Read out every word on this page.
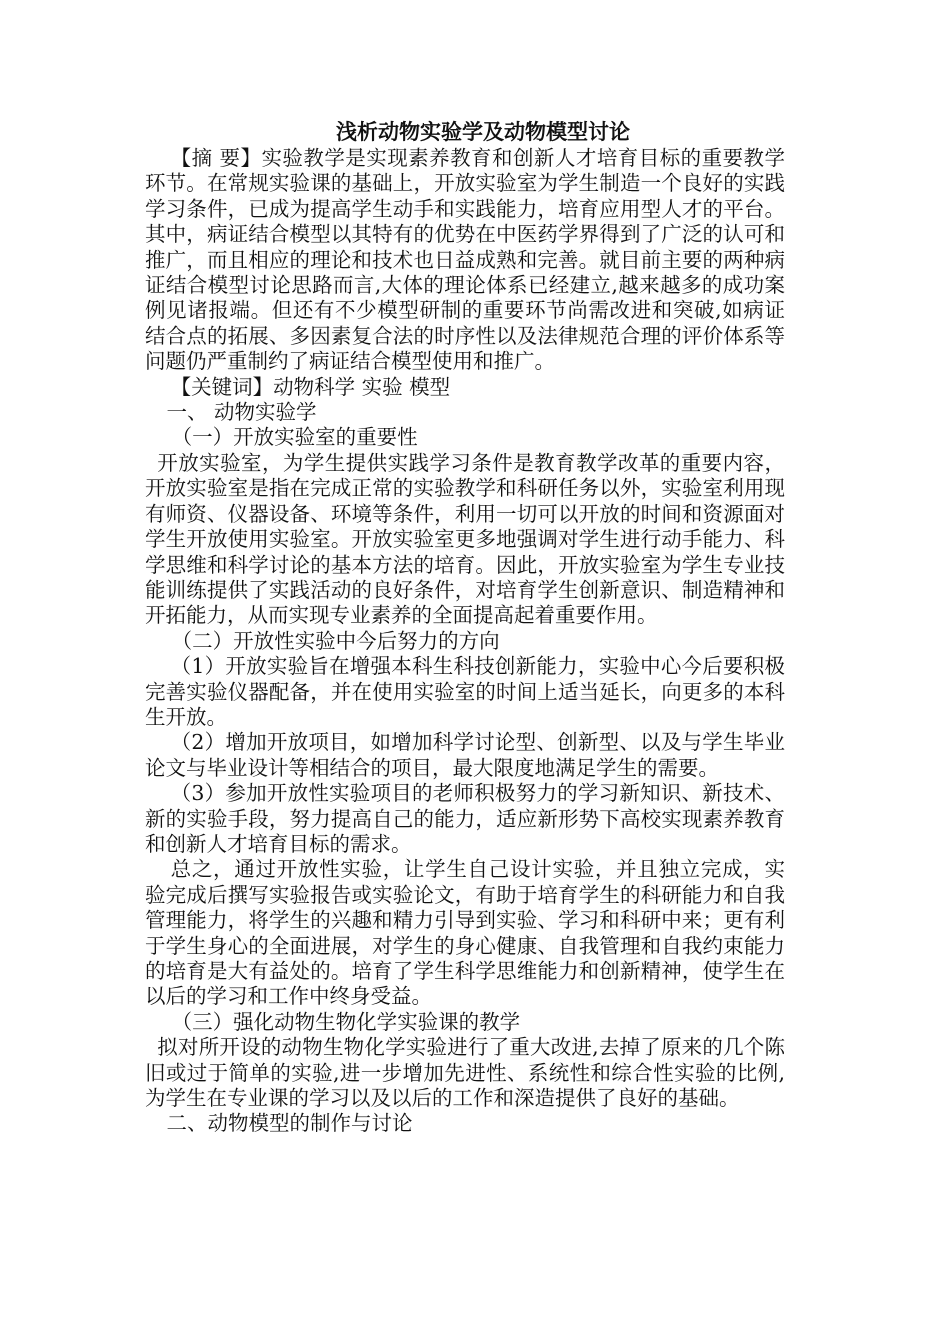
浅析动物实验学及动物模型讨论

【摘 要】实验教学是实现素养教育和创新人才培育目标的重要教学环节。在常规实验课的基础上，开放实验室为学生制造一个良好的实践学习条件，已成为提高学生动手和实践能力，培育应用型人才的平台。其中，病证结合模型以其特有的优势在中医药学界得到了广泛的认可和推广，而且相应的理论和技术也日益成熟和完善。就目前主要的两种病证结合模型讨论思路而言,大体的理论体系已经建立,越来越多的成功案例见诸报端。但还有不少模型研制的重要环节尚需改进和突破,如病证结合点的拓展、多因素复合法的时序性以及法律规范合理的评价体系等问题仍严重制约了病证结合模型使用和推广。

【关键词】动物科学 实验 模型

一、 动物实验学

（一）开放实验室的重要性

开放实验室，为学生提供实践学习条件是教育教学改革的重要内容，开放实验室是指在完成正常的实验教学和科研任务以外，实验室利用现有师资、仪器设备、环境等条件，利用一切可以开放的时间和资源面对学生开放使用实验室。开放实验室更多地强调对学生进行动手能力、科学思维和科学讨论的基本方法的培育。因此，开放实验室为学生专业技能训练提供了实践活动的良好条件，对培育学生创新意识、制造精神和开拓能力，从而实现专业素养的全面提高起着重要作用。

（二）开放性实验中今后努力的方向

（1）开放实验旨在增强本科生科技创新能力，实验中心今后要积极完善实验仪器配备，并在使用实验室的时间上适当延长，向更多的本科生开放。

（2）增加开放项目，如增加科学讨论型、创新型、以及与学生毕业论文与毕业设计等相结合的项目，最大限度地满足学生的需要。

（3）参加开放性实验项目的老师积极努力的学习新知识、新技术、新的实验手段，努力提高自己的能力，适应新形势下高校实现素养教育和创新人才培育目标的需求。

总之，通过开放性实验，让学生自己设计实验，并且独立完成，实验完成后撰写实验报告或实验论文，有助于培育学生的科研能力和自我管理能力，将学生的兴趣和精力引导到实验、学习和科研中来；更有利于学生身心的全面进展，对学生的身心健康、自我管理和自我约束能力的培育是大有益处的。培育了学生科学思维能力和创新精神，使学生在以后的学习和工作中终身受益。

（三）强化动物生物化学实验课的教学

拟对所开设的动物生物化学实验进行了重大改进,去掉了原来的几个陈旧或过于简单的实验,进一步增加先进性、系统性和综合性实验的比例,为学生在专业课的学习以及以后的工作和深造提供了良好的基础。

二、动物模型的制作与讨论
